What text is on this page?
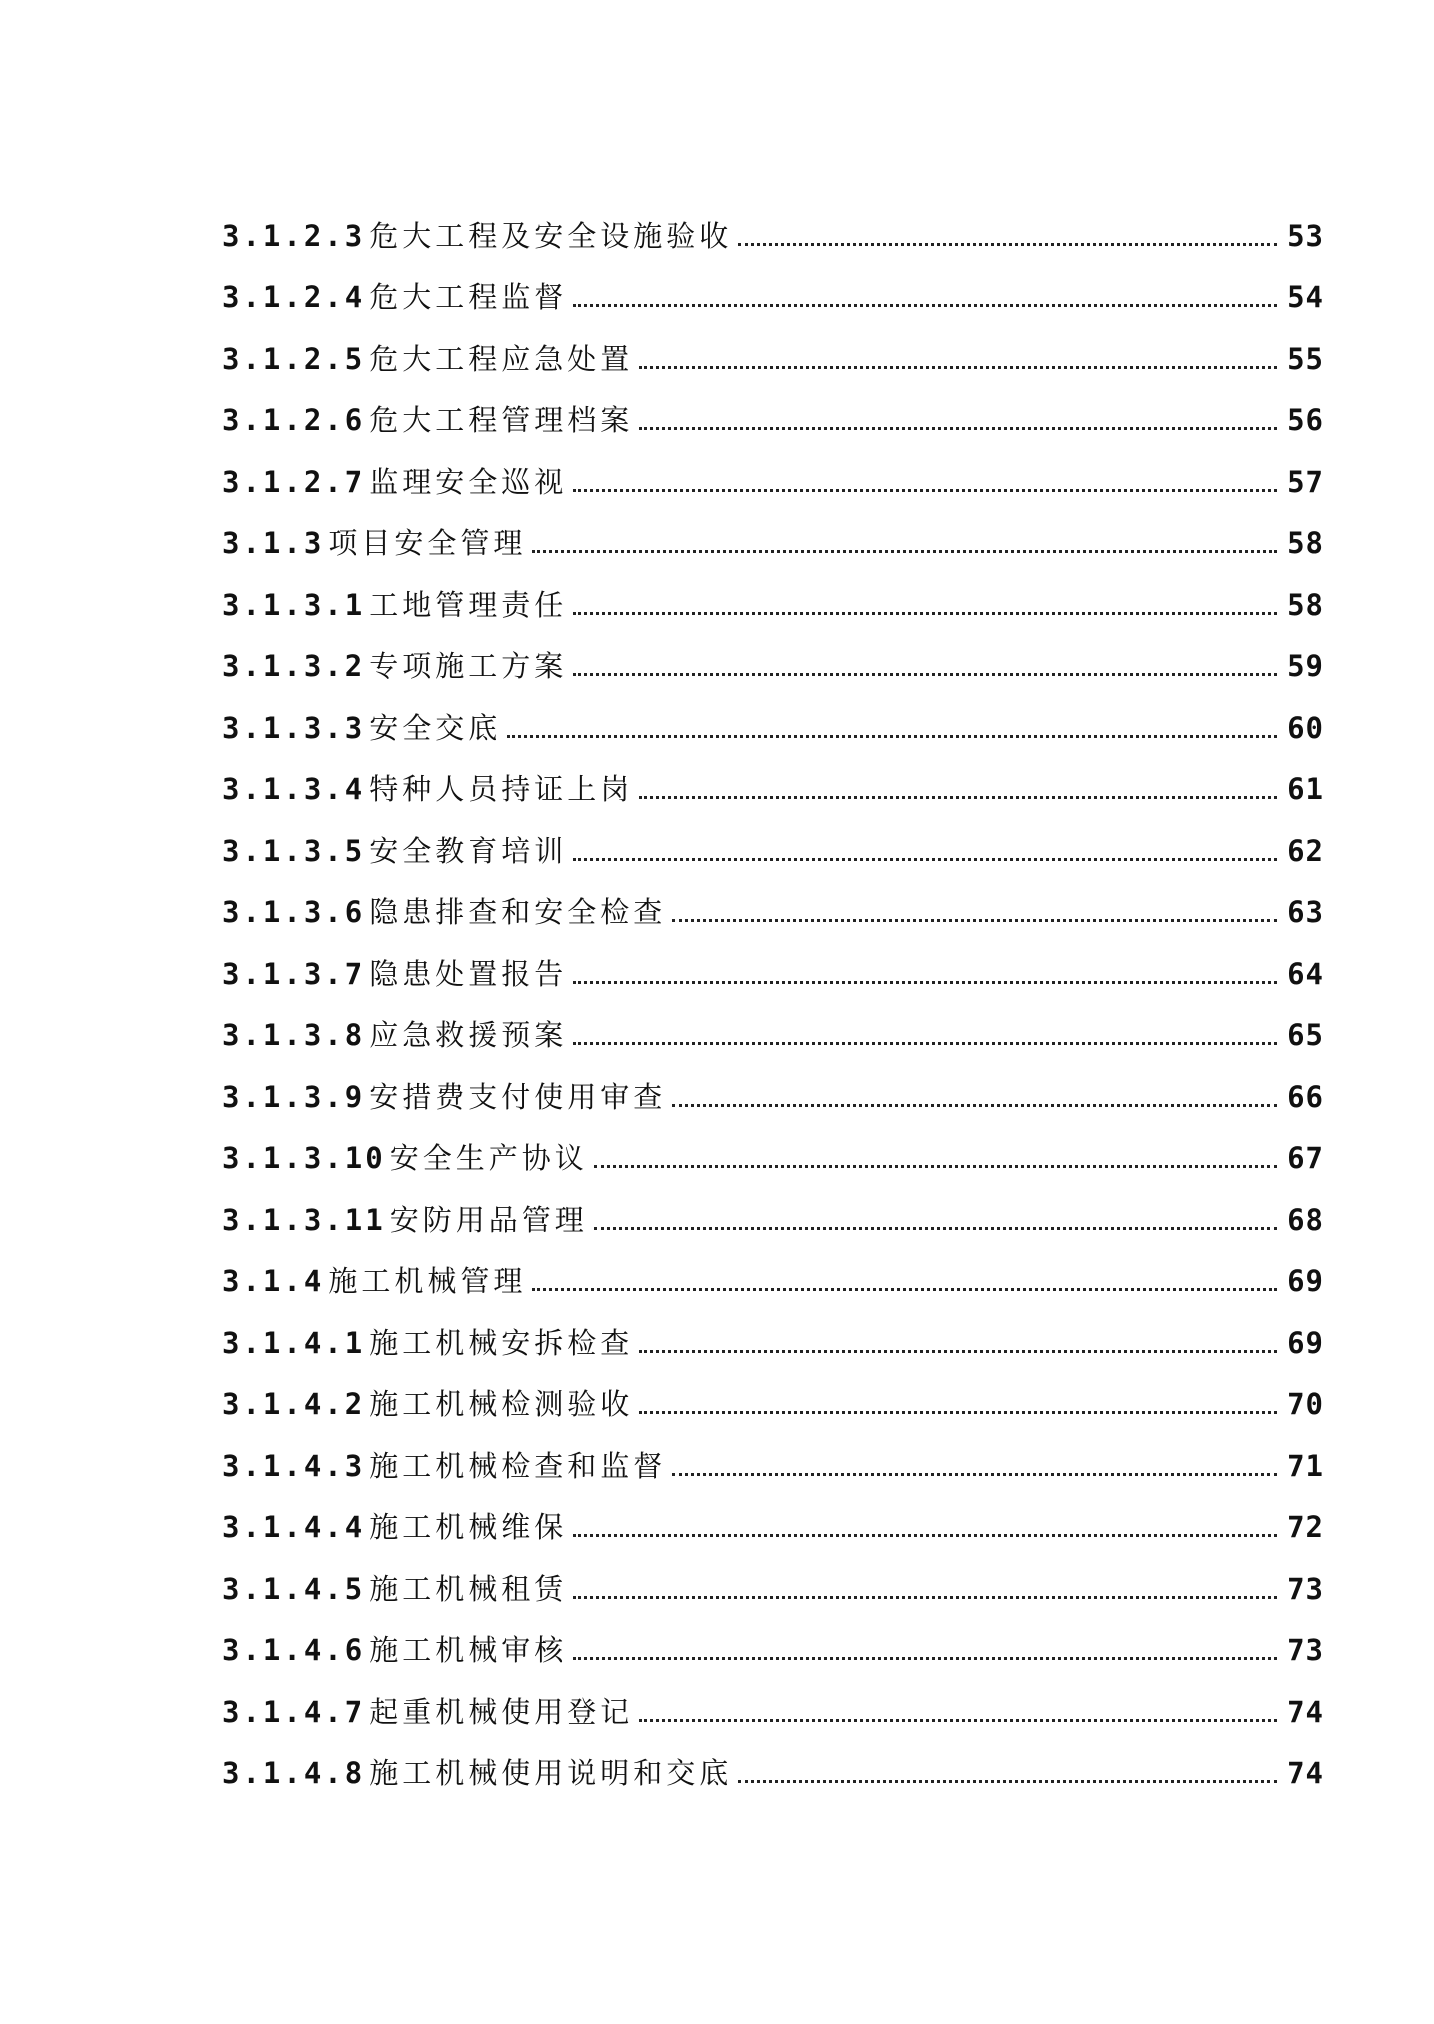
3.1.2.3 危大工程及安全设施验收	53
3.1.2.4 危大工程监督	54
3.1.2.5 危大工程应急处置	55
3.1.2.6 危大工程管理档案	56
3.1.2.7 监理安全巡视	57
3.1.3 项目安全管理	58
3.1.3.1 工地管理责任	58
3.1.3.2 专项施工方案	59
3.1.3.3 安全交底	60
3.1.3.4 特种人员持证上岗	61
3.1.3.5 安全教育培训	62
3.1.3.6 隐患排查和安全检查	63
3.1.3.7 隐患处置报告	64
3.1.3.8 应急救援预案	65
3.1.3.9 安措费支付使用审查	66
3.1.3.10 安全生产协议	67
3.1.3.11 安防用品管理	68
3.1.4 施工机械管理	69
3.1.4.1 施工机械安拆检查	69
3.1.4.2 施工机械检测验收	70
3.1.4.3 施工机械检查和监督	71
3.1.4.4 施工机械维保	72
3.1.4.5 施工机械租赁	73
3.1.4.6 施工机械审核	73
3.1.4.7 起重机械使用登记	74
3.1.4.8 施工机械使用说明和交底	74
